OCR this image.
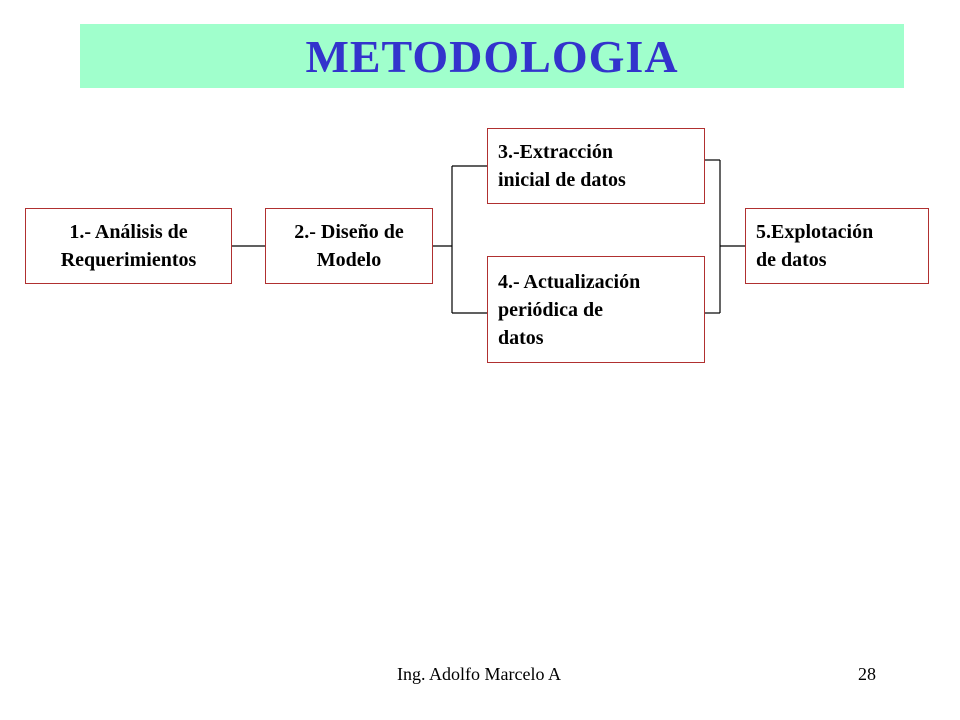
METODOLOGIA
1.- Análisis de
Requerimientos
2.- Diseño de
Modelo
3.-Extracción
inicial de datos
4.- Actualización
periódica de
datos
5.Explotación
de datos
Ing. Adolfo Marcelo A	28
